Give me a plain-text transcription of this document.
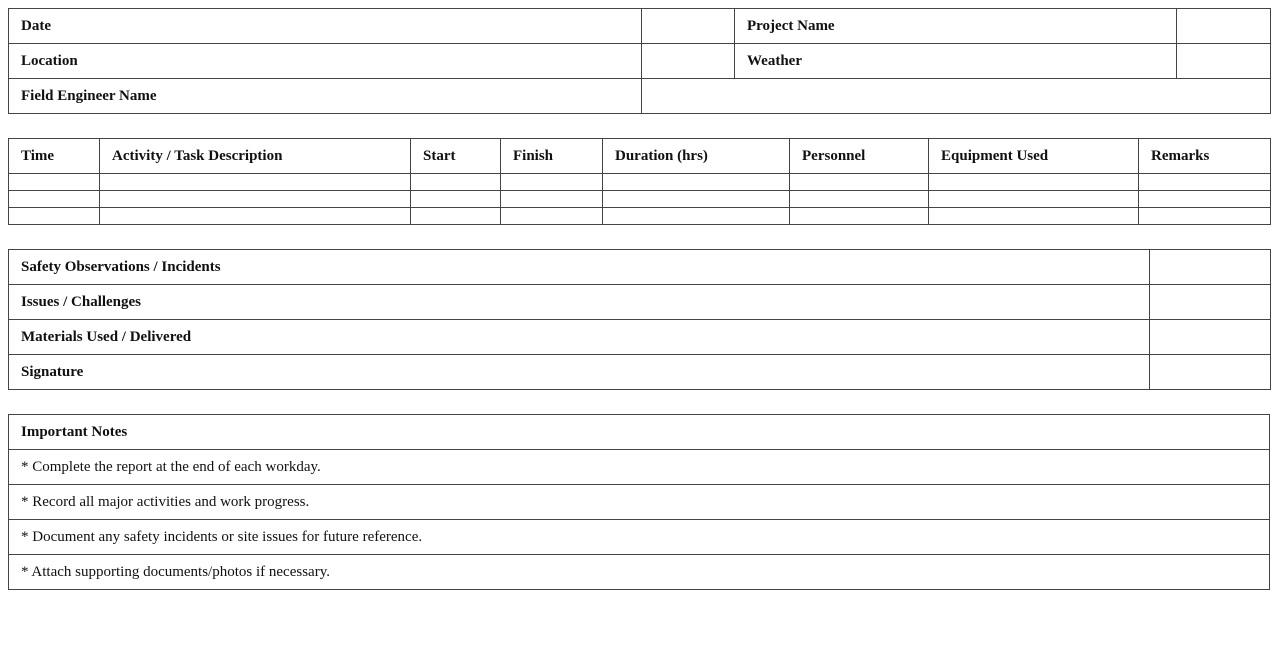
Date		Project Name	
Location		Weather	
Field Engineer Name			
Time	Activity / Task Description	Start	Finish	Duration (hrs)	Personnel	Equipment Used	Remarks

Safety Observations / Incidents	
Issues / Challenges	
Materials Used / Delivered	
Signature	
Important Notes
* Complete the report at the end of each workday.
* Record all major activities and work progress.
* Document any safety incidents or site issues for future reference.
* Attach supporting documents/photos if necessary.
